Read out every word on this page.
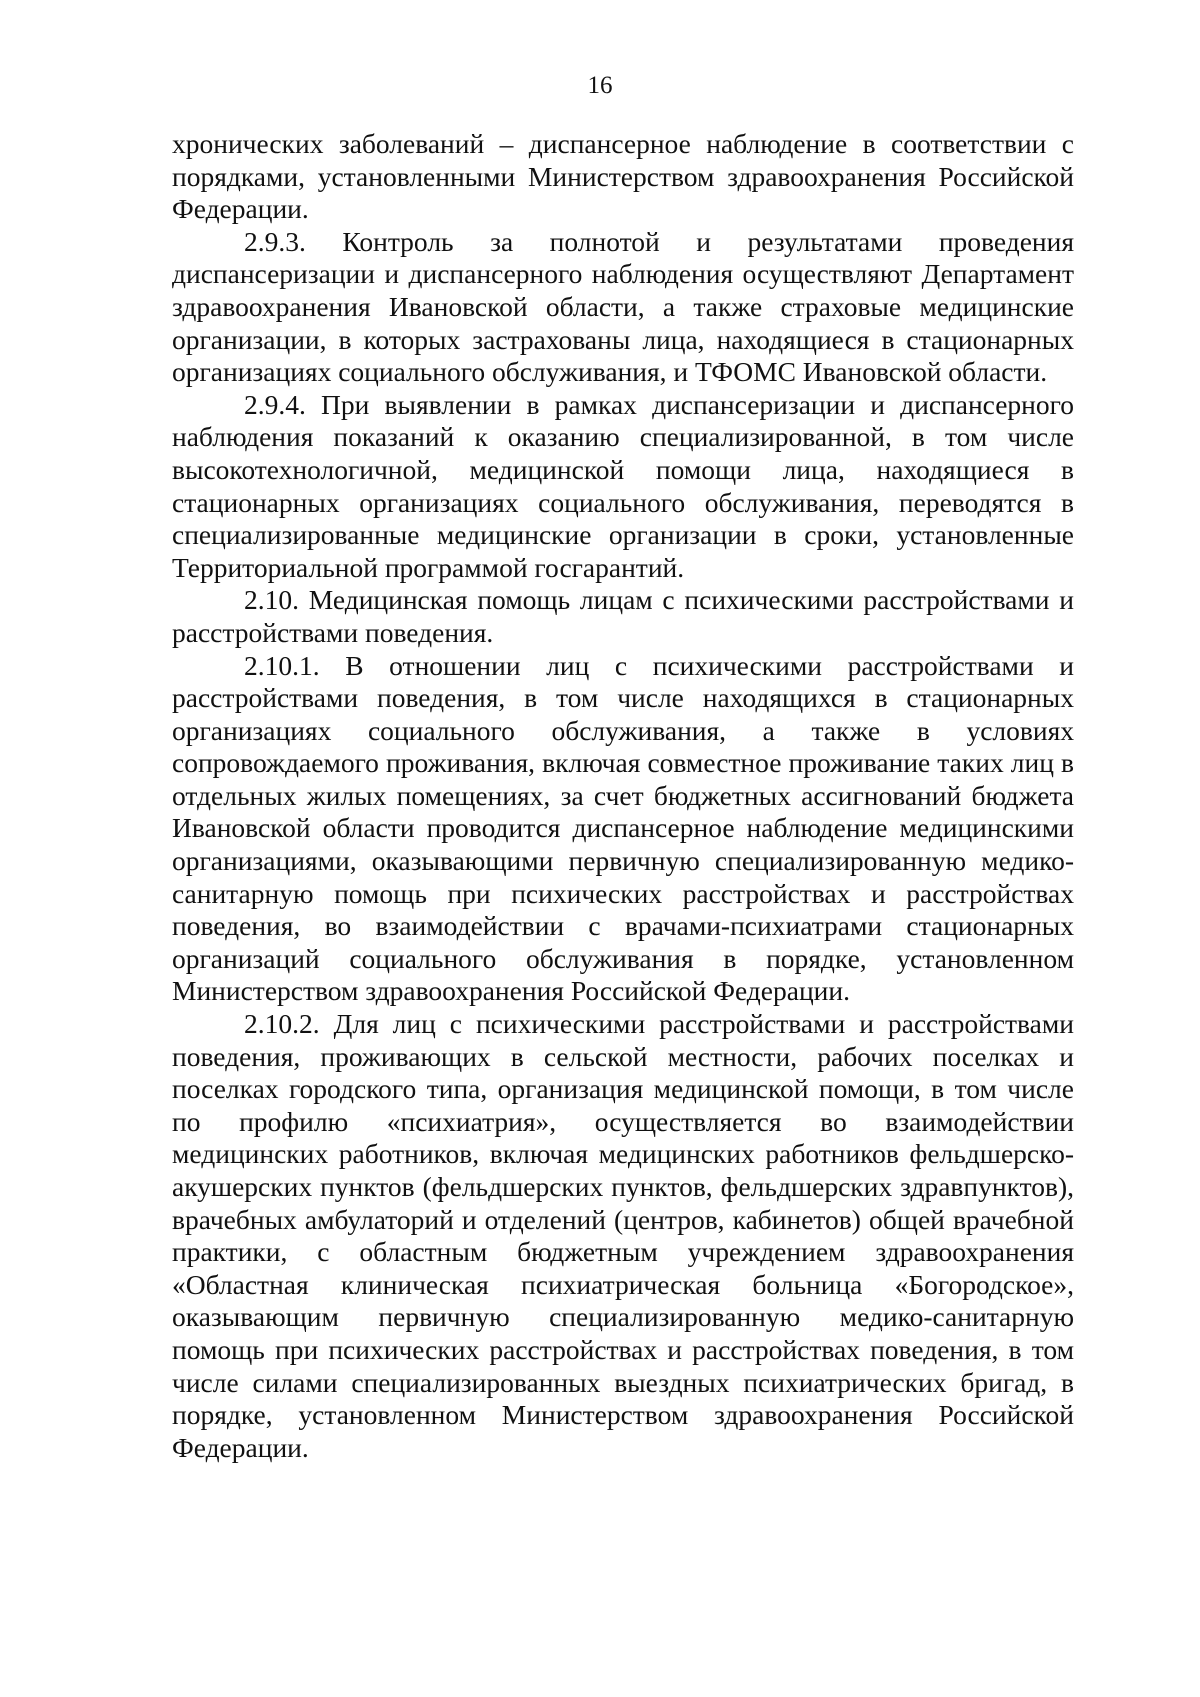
16

хронических заболеваний – диспансерное наблюдение в соответствии с порядками, установленными Министерством здравоохранения Российской Федерации.

2.9.3. Контроль за полнотой и результатами проведения диспансеризации и диспансерного наблюдения осуществляют Департамент здравоохранения Ивановской области, а также страховые медицинские организации, в которых застрахованы лица, находящиеся в стационарных организациях социального обслуживания, и ТФОМС Ивановской области.

2.9.4. При выявлении в рамках диспансеризации и диспансерного наблюдения показаний к оказанию специализированной, в том числе высокотехнологичной, медицинской помощи лица, находящиеся в стационарных организациях социального обслуживания, переводятся в специализированные медицинские организации в сроки, установленные Территориальной программой госгарантий.

2.10. Медицинская помощь лицам с психическими расстройствами и расстройствами поведения.

2.10.1. В отношении лиц с психическими расстройствами и расстройствами поведения, в том числе находящихся в стационарных организациях социального обслуживания, а также в условиях сопровождаемого проживания, включая совместное проживание таких лиц в отдельных жилых помещениях, за счет бюджетных ассигнований бюджета Ивановской области проводится диспансерное наблюдение медицинскими организациями, оказывающими первичную специализированную медико-санитарную помощь при психических расстройствах и расстройствах поведения, во взаимодействии с врачами-психиатрами стационарных организаций социального обслуживания в порядке, установленном Министерством здравоохранения Российской Федерации.

2.10.2. Для лиц с психическими расстройствами и расстройствами поведения, проживающих в сельской местности, рабочих поселках и поселках городского типа, организация медицинской помощи, в том числе по профилю «психиатрия», осуществляется во взаимодействии медицинских работников, включая медицинских работников фельдшерско-акушерских пунктов (фельдшерских пунктов, фельдшерских здравпунктов), врачебных амбулаторий и отделений (центров, кабинетов) общей врачебной практики, с областным бюджетным учреждением здравоохранения «Областная клиническая психиатрическая больница «Богородское», оказывающим первичную специализированную медико-санитарную помощь при психических расстройствах и расстройствах поведения, в том числе силами специализированных выездных психиатрических бригад, в порядке, установленном Министерством здравоохранения Российской Федерации.
